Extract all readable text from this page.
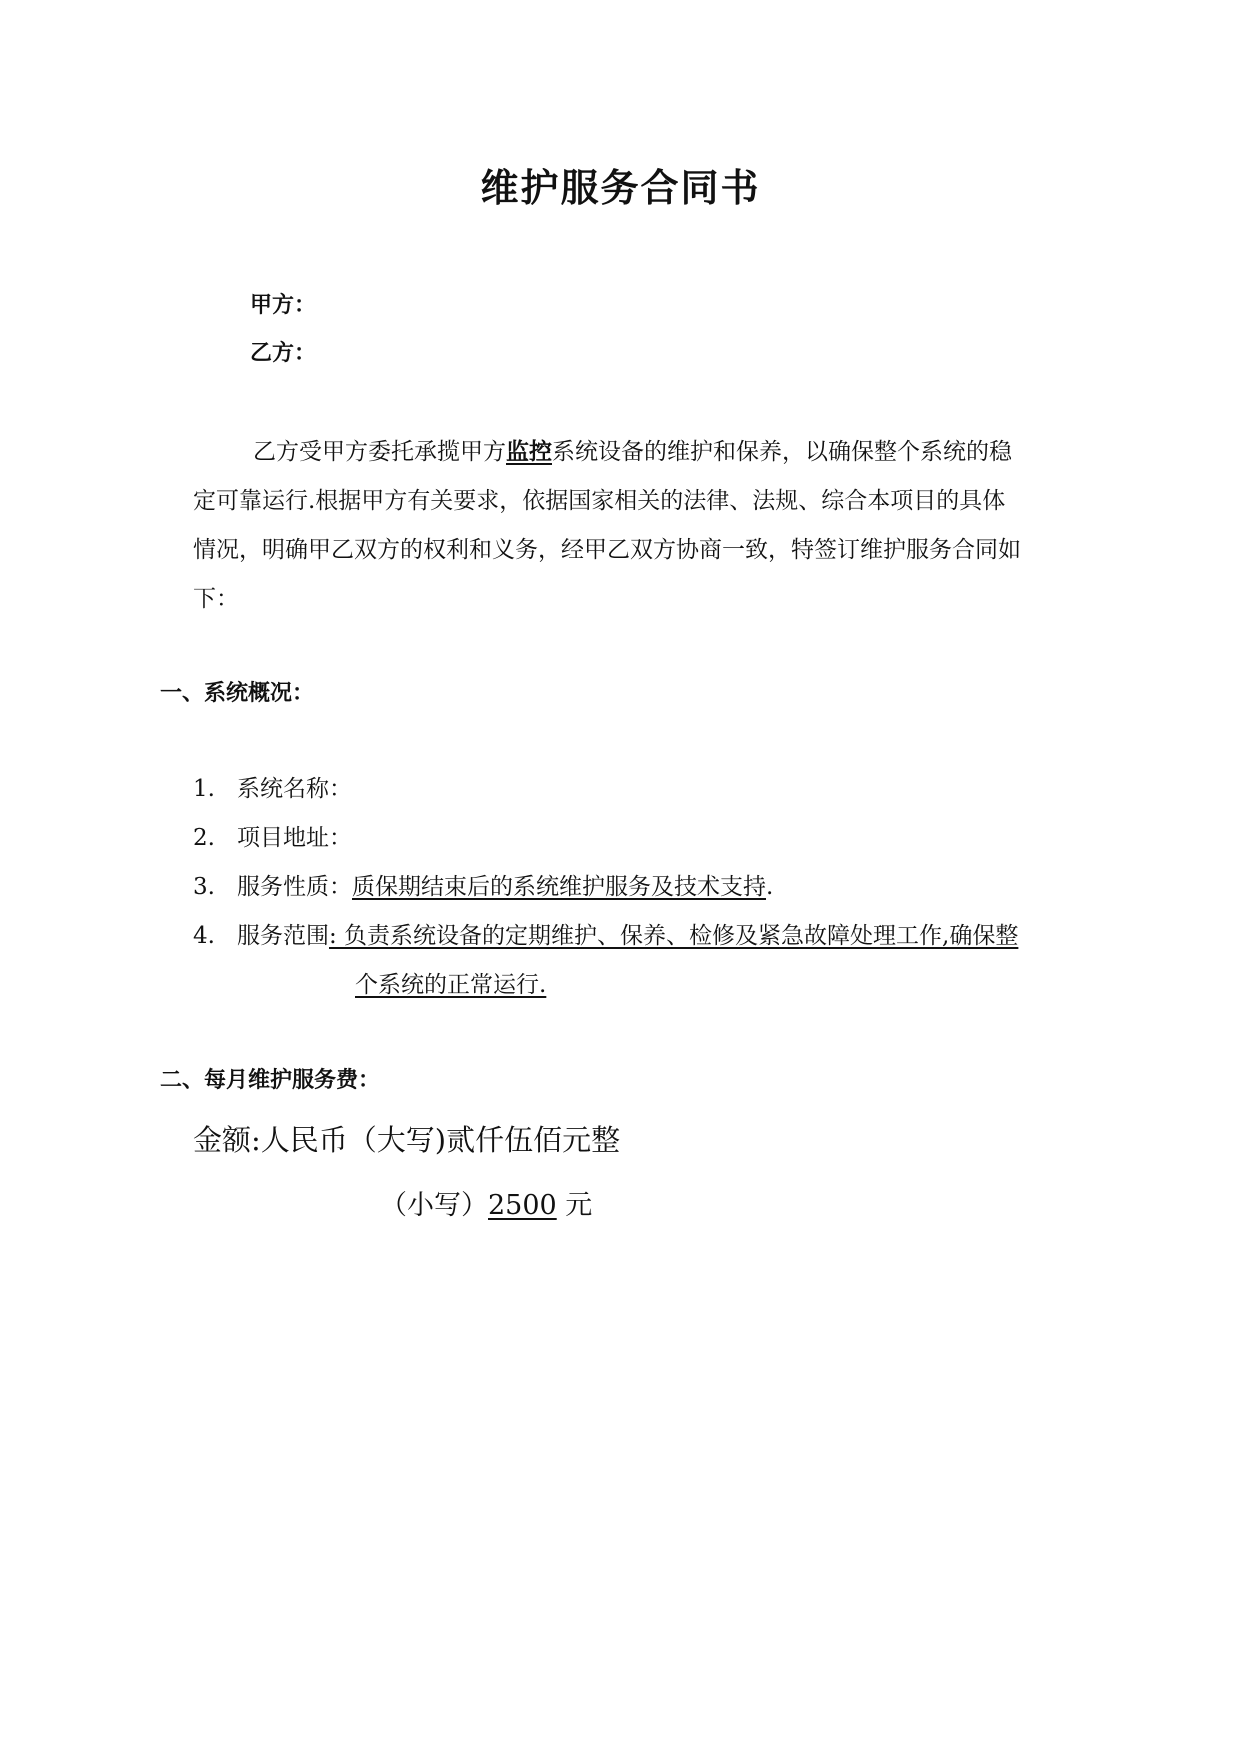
维护服务合同书
甲方：
乙方：
乙方受甲方委托承揽甲方监控系统设备的维护和保养，以确保整个系统的稳
定可靠运行.根据甲方有关要求，依据国家相关的法律、法规、综合本项目的具体
情况，明确甲乙双方的权利和义务，经甲乙双方协商一致，特签订维护服务合同如
下：
一、系统概况：
1. 系统名称：
2. 项目地址：
3. 服务性质：质保期结束后的系统维护服务及技术支持.
4. 服务范围: 负责系统设备的定期维护、保养、检修及紧急故障处理工作,确保整
个系统的正常运行.
二、每月维护服务费：
金额:人民币（大写)贰仟伍佰元整
（小写）2500 元
